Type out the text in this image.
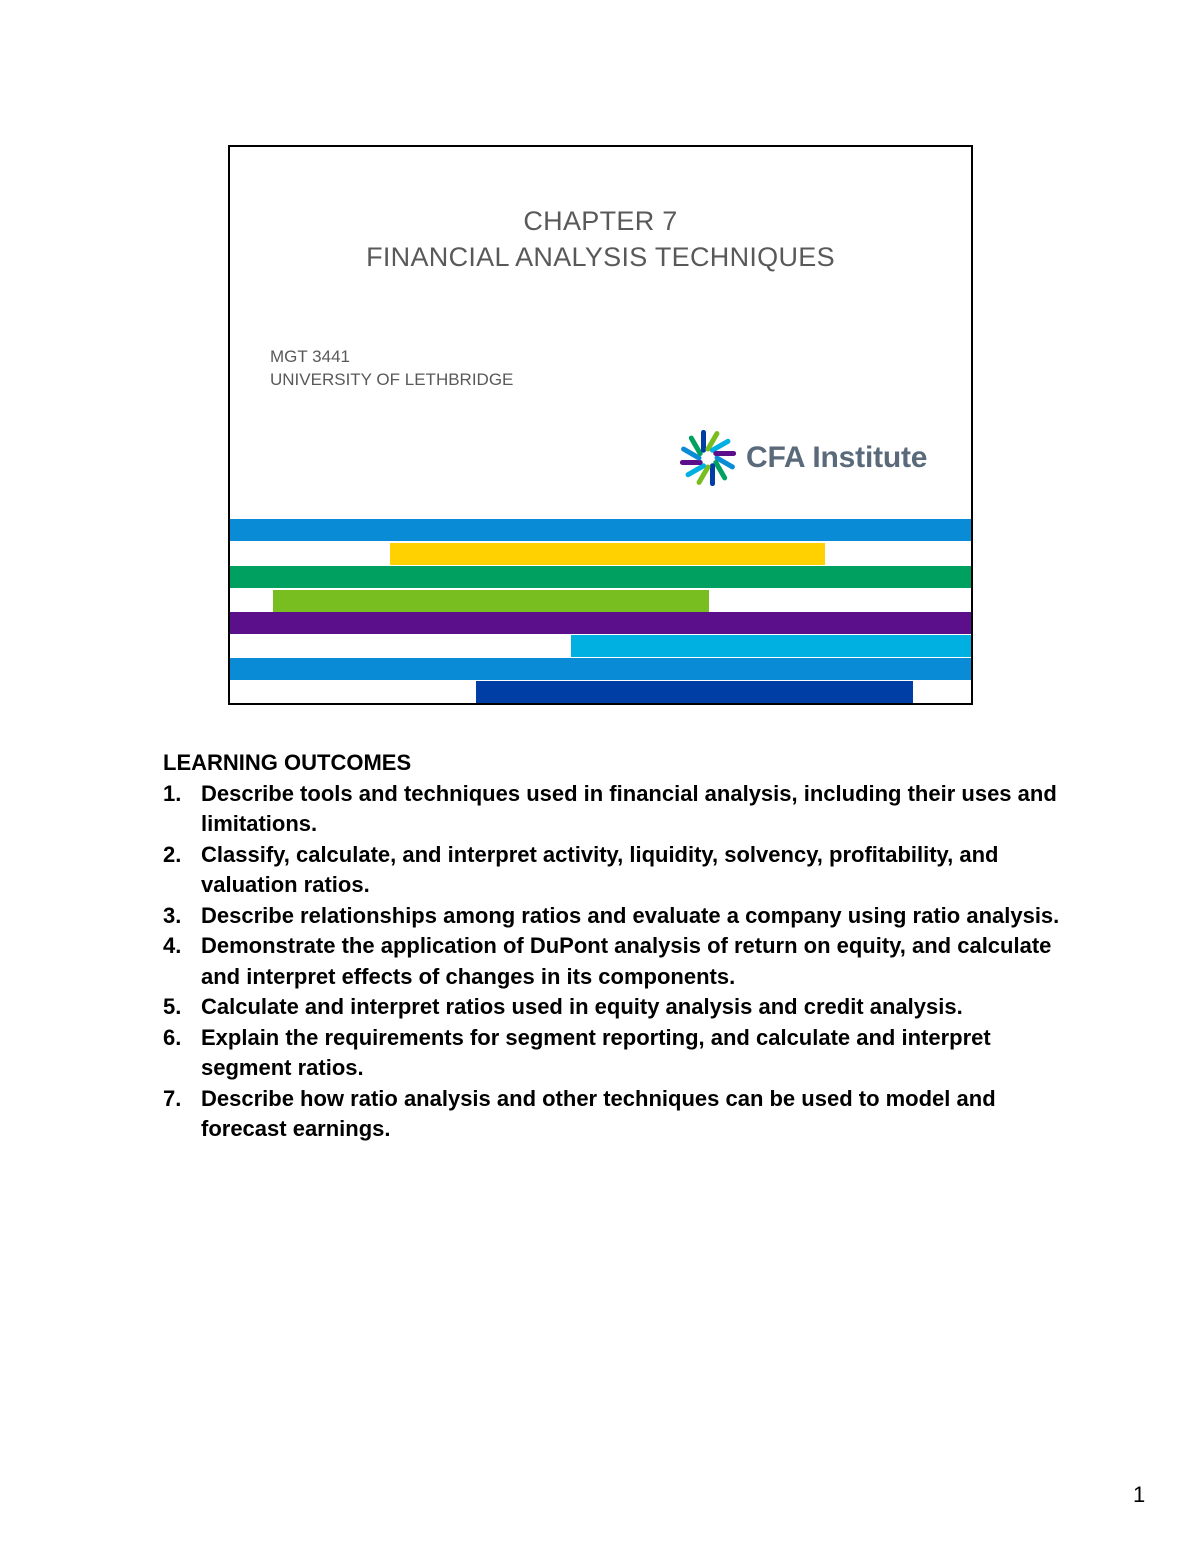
CHAPTER 7
FINANCIAL ANALYSIS TECHNIQUES
MGT 3441
UNIVERSITY OF LETHBRIDGE
CFA Institute
LEARNING OUTCOMES
1. Describe tools and techniques used in financial analysis, including their uses and limitations.
2. Classify, calculate, and interpret activity, liquidity, solvency, profitability, and valuation ratios.
3. Describe relationships among ratios and evaluate a company using ratio analysis.
4. Demonstrate the application of DuPont analysis of return on equity, and calculate and interpret effects of changes in its components.
5. Calculate and interpret ratios used in equity analysis and credit analysis.
6. Explain the requirements for segment reporting, and calculate and interpret segment ratios.
7. Describe how ratio analysis and other techniques can be used to model and forecast earnings.
1
